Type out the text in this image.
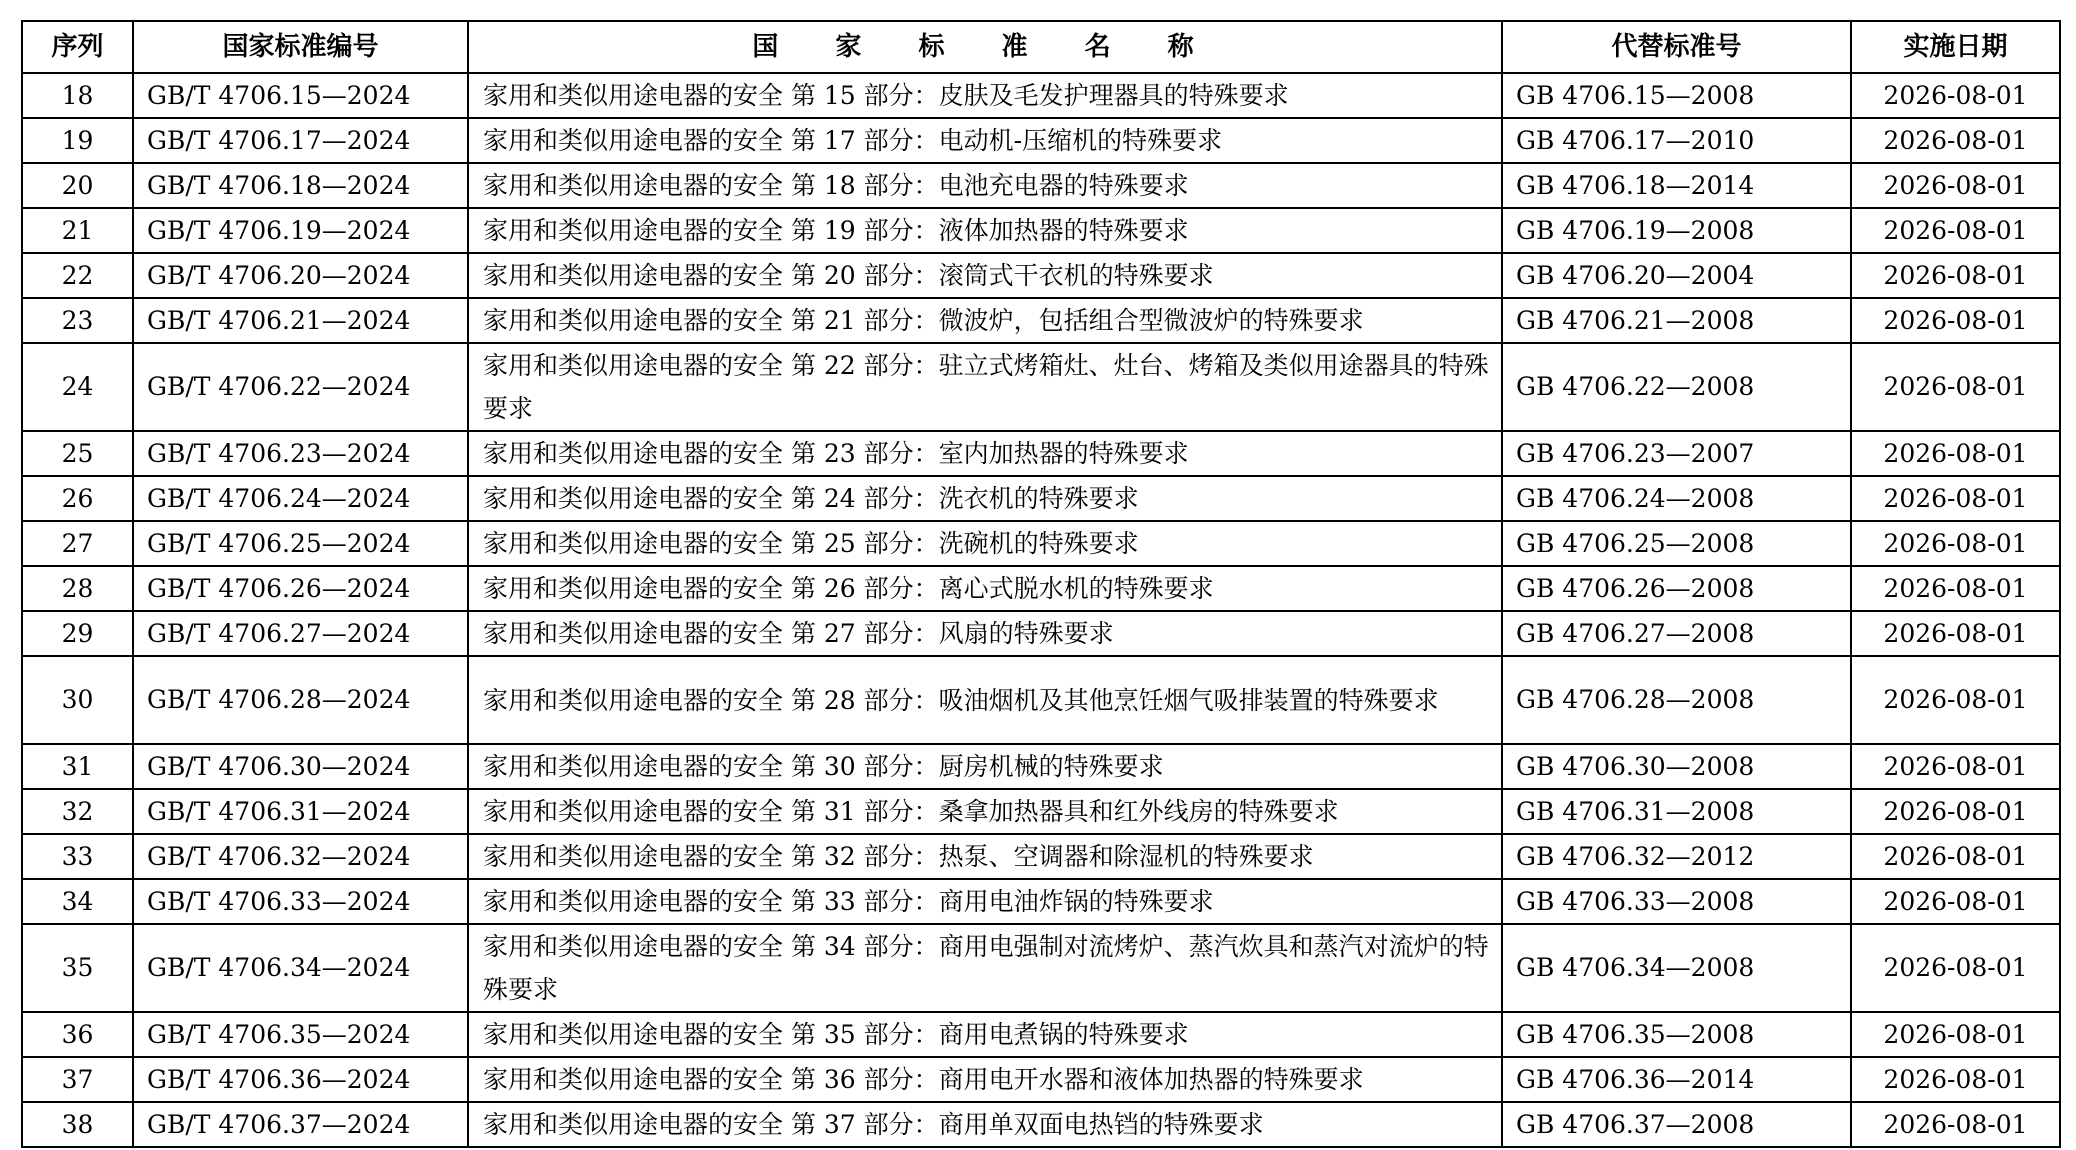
序列	国家标准编号	国 家 标 准 名 称	代替标准号	实施日期
18	GB/T 4706.15—2024	家用和类似用途电器的安全 第 15 部分：皮肤及毛发护理器具的特殊要求	GB 4706.15—2008	2026-08-01
19	GB/T 4706.17—2024	家用和类似用途电器的安全 第 17 部分：电动机-压缩机的特殊要求	GB 4706.17—2010	2026-08-01
20	GB/T 4706.18—2024	家用和类似用途电器的安全 第 18 部分：电池充电器的特殊要求	GB 4706.18—2014	2026-08-01
21	GB/T 4706.19—2024	家用和类似用途电器的安全 第 19 部分：液体加热器的特殊要求	GB 4706.19—2008	2026-08-01
22	GB/T 4706.20—2024	家用和类似用途电器的安全 第 20 部分：滚筒式干衣机的特殊要求	GB 4706.20—2004	2026-08-01
23	GB/T 4706.21—2024	家用和类似用途电器的安全 第 21 部分：微波炉，包括组合型微波炉的特殊要求	GB 4706.21—2008	2026-08-01
24	GB/T 4706.22—2024	家用和类似用途电器的安全 第 22 部分：驻立式烤箱灶、灶台、烤箱及类似用途器具的特殊要求	GB 4706.22—2008	2026-08-01
25	GB/T 4706.23—2024	家用和类似用途电器的安全 第 23 部分：室内加热器的特殊要求	GB 4706.23—2007	2026-08-01
26	GB/T 4706.24—2024	家用和类似用途电器的安全 第 24 部分：洗衣机的特殊要求	GB 4706.24—2008	2026-08-01
27	GB/T 4706.25—2024	家用和类似用途电器的安全 第 25 部分：洗碗机的特殊要求	GB 4706.25—2008	2026-08-01
28	GB/T 4706.26—2024	家用和类似用途电器的安全 第 26 部分：离心式脱水机的特殊要求	GB 4706.26—2008	2026-08-01
29	GB/T 4706.27—2024	家用和类似用途电器的安全 第 27 部分：风扇的特殊要求	GB 4706.27—2008	2026-08-01
30	GB/T 4706.28—2024	家用和类似用途电器的安全 第 28 部分：吸油烟机及其他烹饪烟气吸排装置的特殊要求	GB 4706.28—2008	2026-08-01
31	GB/T 4706.30—2024	家用和类似用途电器的安全 第 30 部分：厨房机械的特殊要求	GB 4706.30—2008	2026-08-01
32	GB/T 4706.31—2024	家用和类似用途电器的安全 第 31 部分：桑拿加热器具和红外线房的特殊要求	GB 4706.31—2008	2026-08-01
33	GB/T 4706.32—2024	家用和类似用途电器的安全 第 32 部分：热泵、空调器和除湿机的特殊要求	GB 4706.32—2012	2026-08-01
34	GB/T 4706.33—2024	家用和类似用途电器的安全 第 33 部分：商用电油炸锅的特殊要求	GB 4706.33—2008	2026-08-01
35	GB/T 4706.34—2024	家用和类似用途电器的安全 第 34 部分：商用电强制对流烤炉、蒸汽炊具和蒸汽对流炉的特殊要求	GB 4706.34—2008	2026-08-01
36	GB/T 4706.35—2024	家用和类似用途电器的安全 第 35 部分：商用电煮锅的特殊要求	GB 4706.35—2008	2026-08-01
37	GB/T 4706.36—2024	家用和类似用途电器的安全 第 36 部分：商用电开水器和液体加热器的特殊要求	GB 4706.36—2014	2026-08-01
38	GB/T 4706.37—2024	家用和类似用途电器的安全 第 37 部分：商用单双面电热铛的特殊要求	GB 4706.37—2008	2026-08-01
